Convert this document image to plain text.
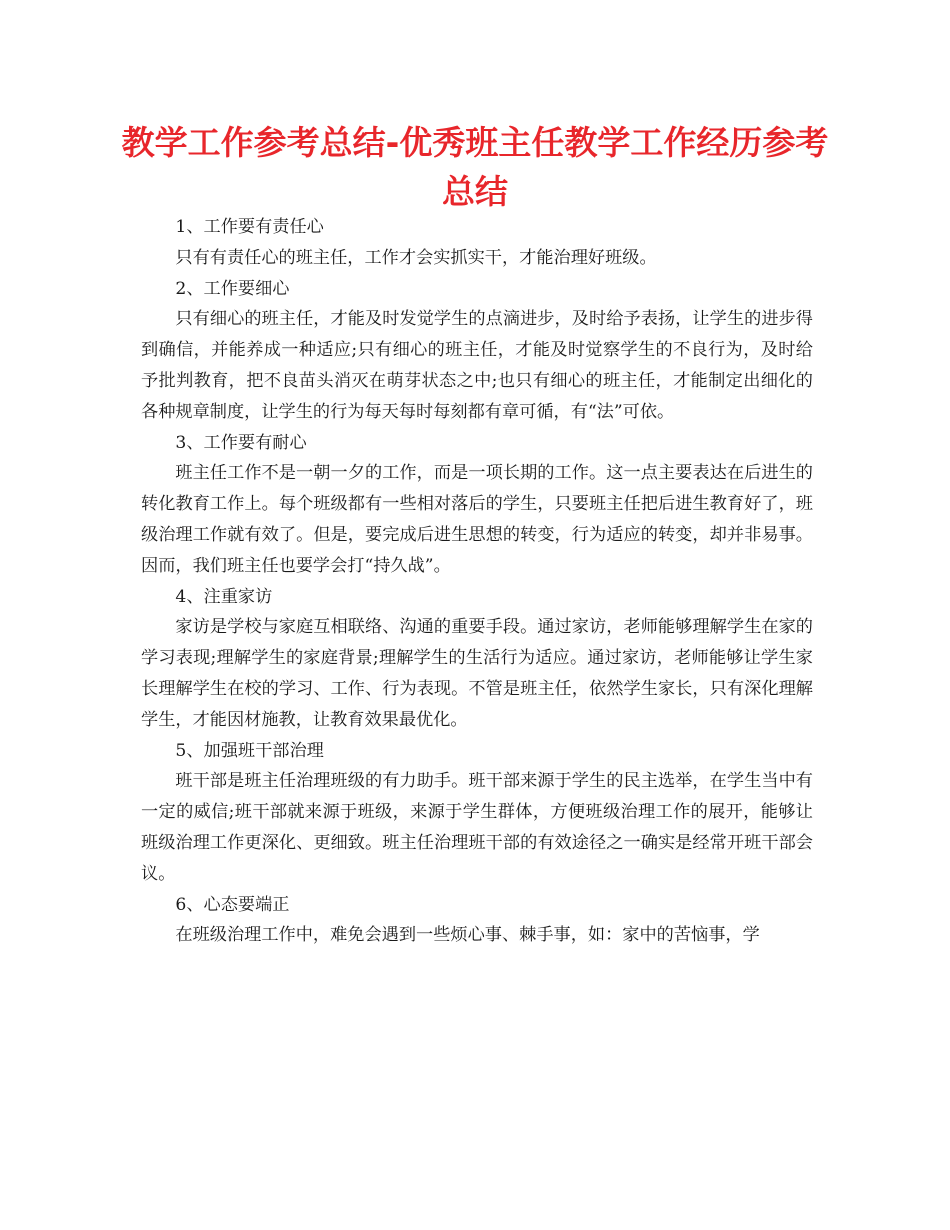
教学工作参考总结-优秀班主任教学工作经历参考总结

1、工作要有责任心

只有有责任心的班主任，工作才会实抓实干，才能治理好班级。

2、工作要细心

只有细心的班主任，才能及时发觉学生的点滴进步，及时给予表扬，让学生的进步得到确信，并能养成一种适应;只有细心的班主任，才能及时觉察学生的不良行为，及时给予批判教育，把不良苗头消灭在萌芽状态之中;也只有细心的班主任，才能制定出细化的各种规章制度，让学生的行为每天每时每刻都有章可循，有“法”可依。

3、工作要有耐心

班主任工作不是一朝一夕的工作，而是一项长期的工作。这一点主要表达在后进生的转化教育工作上。每个班级都有一些相对落后的学生，只要班主任把后进生教育好了，班级治理工作就有效了。但是，要完成后进生思想的转变，行为适应的转变，却并非易事。因而，我们班主任也要学会打“持久战”。

4、注重家访

家访是学校与家庭互相联络、沟通的重要手段。通过家访，老师能够理解学生在家的学习表现;理解学生的家庭背景;理解学生的生活行为适应。通过家访，老师能够让学生家长理解学生在校的学习、工作、行为表现。不管是班主任，依然学生家长，只有深化理解学生，才能因材施教，让教育效果最优化。

5、加强班干部治理

班干部是班主任治理班级的有力助手。班干部来源于学生的民主选举，在学生当中有一定的威信;班干部就来源于班级，来源于学生群体，方便班级治理工作的展开，能够让班级治理工作更深化、更细致。班主任治理班干部的有效途径之一确实是经常开班干部会议。

6、心态要端正

在班级治理工作中，难免会遇到一些烦心事、棘手事，如：家中的苦恼事，学
